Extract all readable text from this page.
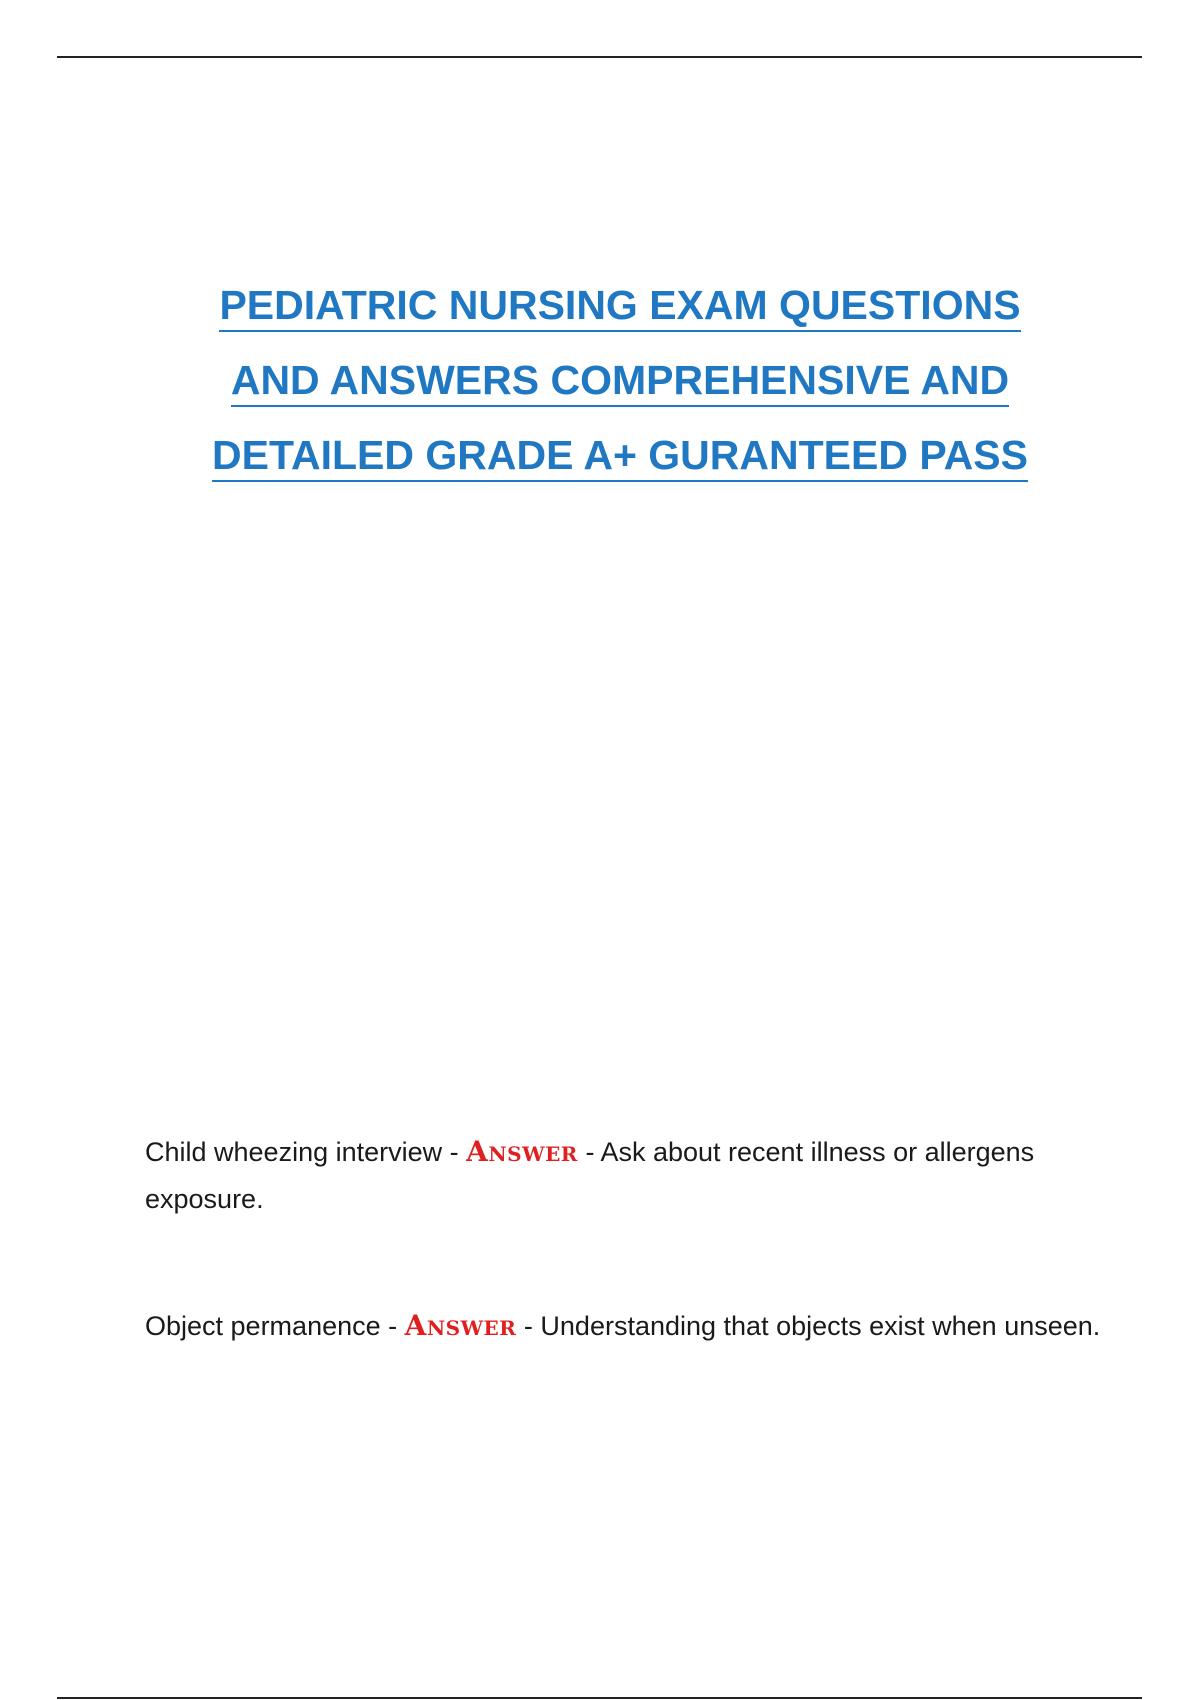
PEDIATRIC NURSING EXAM QUESTIONS
AND ANSWERS COMPREHENSIVE AND
DETAILED GRADE A+ GURANTEED PASS
Child wheezing interview - Answer - Ask about recent illness or allergens exposure.
Object permanence - Answer - Understanding that objects exist when unseen.
